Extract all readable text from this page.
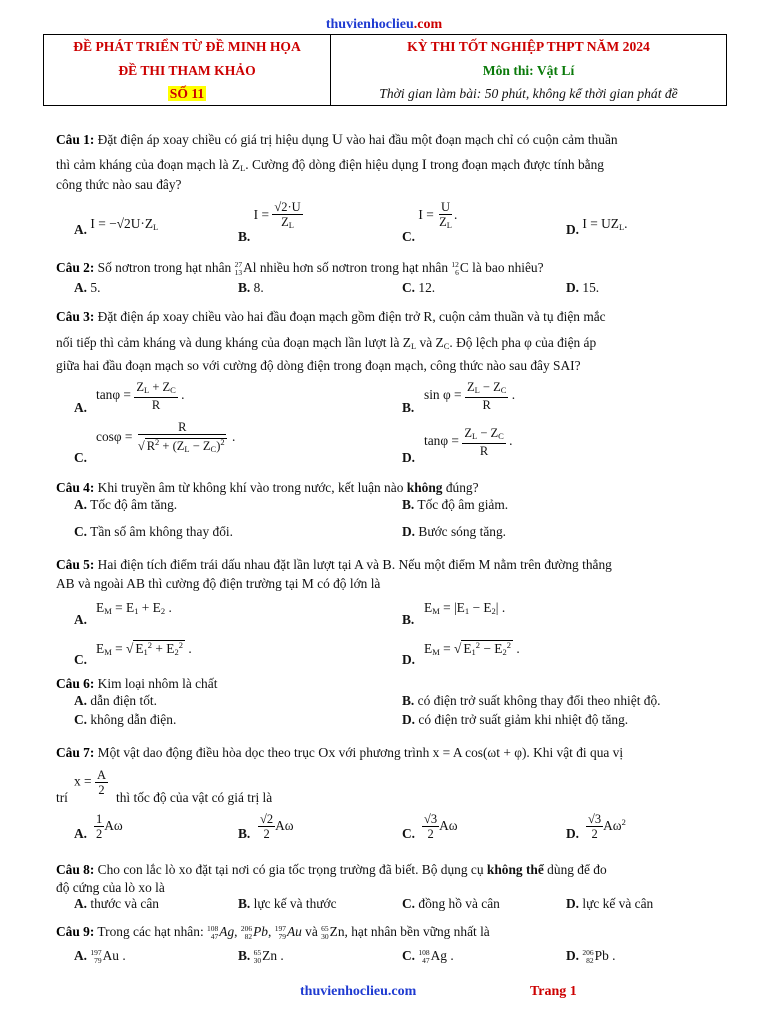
thuvienhoclieu.com
ĐỀ PHÁT TRIỂN TỪ ĐỀ MINH HỌA
ĐỀ THI THAM KHẢO
SỐ 11

KỲ THI TỐT NGHIỆP THPT NĂM 2024
Môn thi: Vật Lí
Thời gian làm bài: 50 phút, không kể thời gian phát đề
Câu 1: Đặt điện áp xoay chiều có giá trị hiệu dụng U vào hai đầu một đoạn mạch chỉ có cuộn cảm thuần
thì cảm kháng của đoạn mạch là $Z_L$. Cường độ dòng điện hiệu dụng I trong đoạn mạch được tính bằng
công thức nào sau đây?
A. $I = -√2U\cdot Z_L$
B. $I = \frac{√2\cdot U}{Z_L}$
C. $I = \frac{U}{Z_L}$ .
D. $I = UZ_L$.
Câu 2: Số nơtron trong hạt nhân 27
13 Al nhiều hơn số nơtron trong hạt nhân 12
6 C là bao nhiêu?
A. 5.	B. 8.	C. 12.	D. 15.
Câu 3: Đặt điện áp xoay chiều vào hai đầu đoạn mạch gồm điện trở R, cuộn cảm thuần và tụ điện mắc
nối tiếp thì cảm kháng và dung kháng của đoạn mạch lần lượt là $Z_L$ và $Z_C$. Độ lệch pha φ của điện áp
giữa hai đầu đoạn mạch so với cường độ dòng điện trong đoạn mạch, công thức nào sau đây SAI?
A.
$\tan\varphi = \frac{Z_L + Z_C}{R}$ .
B.
$\sin \varphi = \frac{Z_L - Z_C}{R}$ .
C.
$\cos\varphi = \frac{R}{√ R^2 + (Z_L - Z_C)^2}$ .
D.
$\tan\varphi = \frac{Z_L - Z_C}{R}$ .
Câu 4: Khi truyền âm từ không khí vào trong nước, kết luận nào không đúng?
A. Tốc độ âm tăng.	B. Tốc độ âm giảm.
C. Tần số âm không thay đổi.	D. Bước sóng tăng.
Câu 5: Hai điện tích điểm trái dấu nhau đặt lần lượt tại A và B. Nếu một điểm M nằm trên đường thẳng
AB và ngoài AB thì cường độ điện trường tại M có độ lớn là
A.
$E_M = E_1 + E_2$ .
B.
$E_M = |E_1 - E_2|$ .
C.
$E_M$ = √ $E_1^2 + E_2^2$ .
D.
$E_M$ = √ $E_1^2 - E_2^2$ .
Câu 6: Kim loại nhôm là chất
A. dẫn điện tốt.	B. có điện trở suất không thay đổi theo nhiệt độ.
C. không dẫn điện.	D. có điện trở suất giảm khi nhiệt độ tăng.
Câu 7: Một vật dao động điều hòa dọc theo trục Ox với phương trình x = A cos(ωt + φ). Khi vật đi qua vị
trí
$x = \frac{A}{2}$
thì tốc độ của vật có giá trị là
A. $\frac{1}{2}$ Aω
B. $\frac{√2}{2}$ Aω
C. $\frac{√3}{2}$ Aω
D. $\frac{√3}{2} A\omega^2$
Câu 8: Cho con lắc lò xo đặt tại nơi có gia tốc trọng trường đã biết. Bộ dụng cụ không thể dùng để đo
độ cứng của lò xo là
A. thước và cân	B. lực kế và thước	C. đồng hồ và cân	D. lực kế và cân
Câu 9: Trong các hạt nhân: 108
47 Ag, 206
82 Pb, 197
79 Au và 65
30 Zn, hạt nhân bền vững nhất là
A. 197
79 Au .	B. 65
30 Zn .	C. 108
47 Ag .	D. 206
82 Pb .
thuvienhoclieu.com	Trang 1
